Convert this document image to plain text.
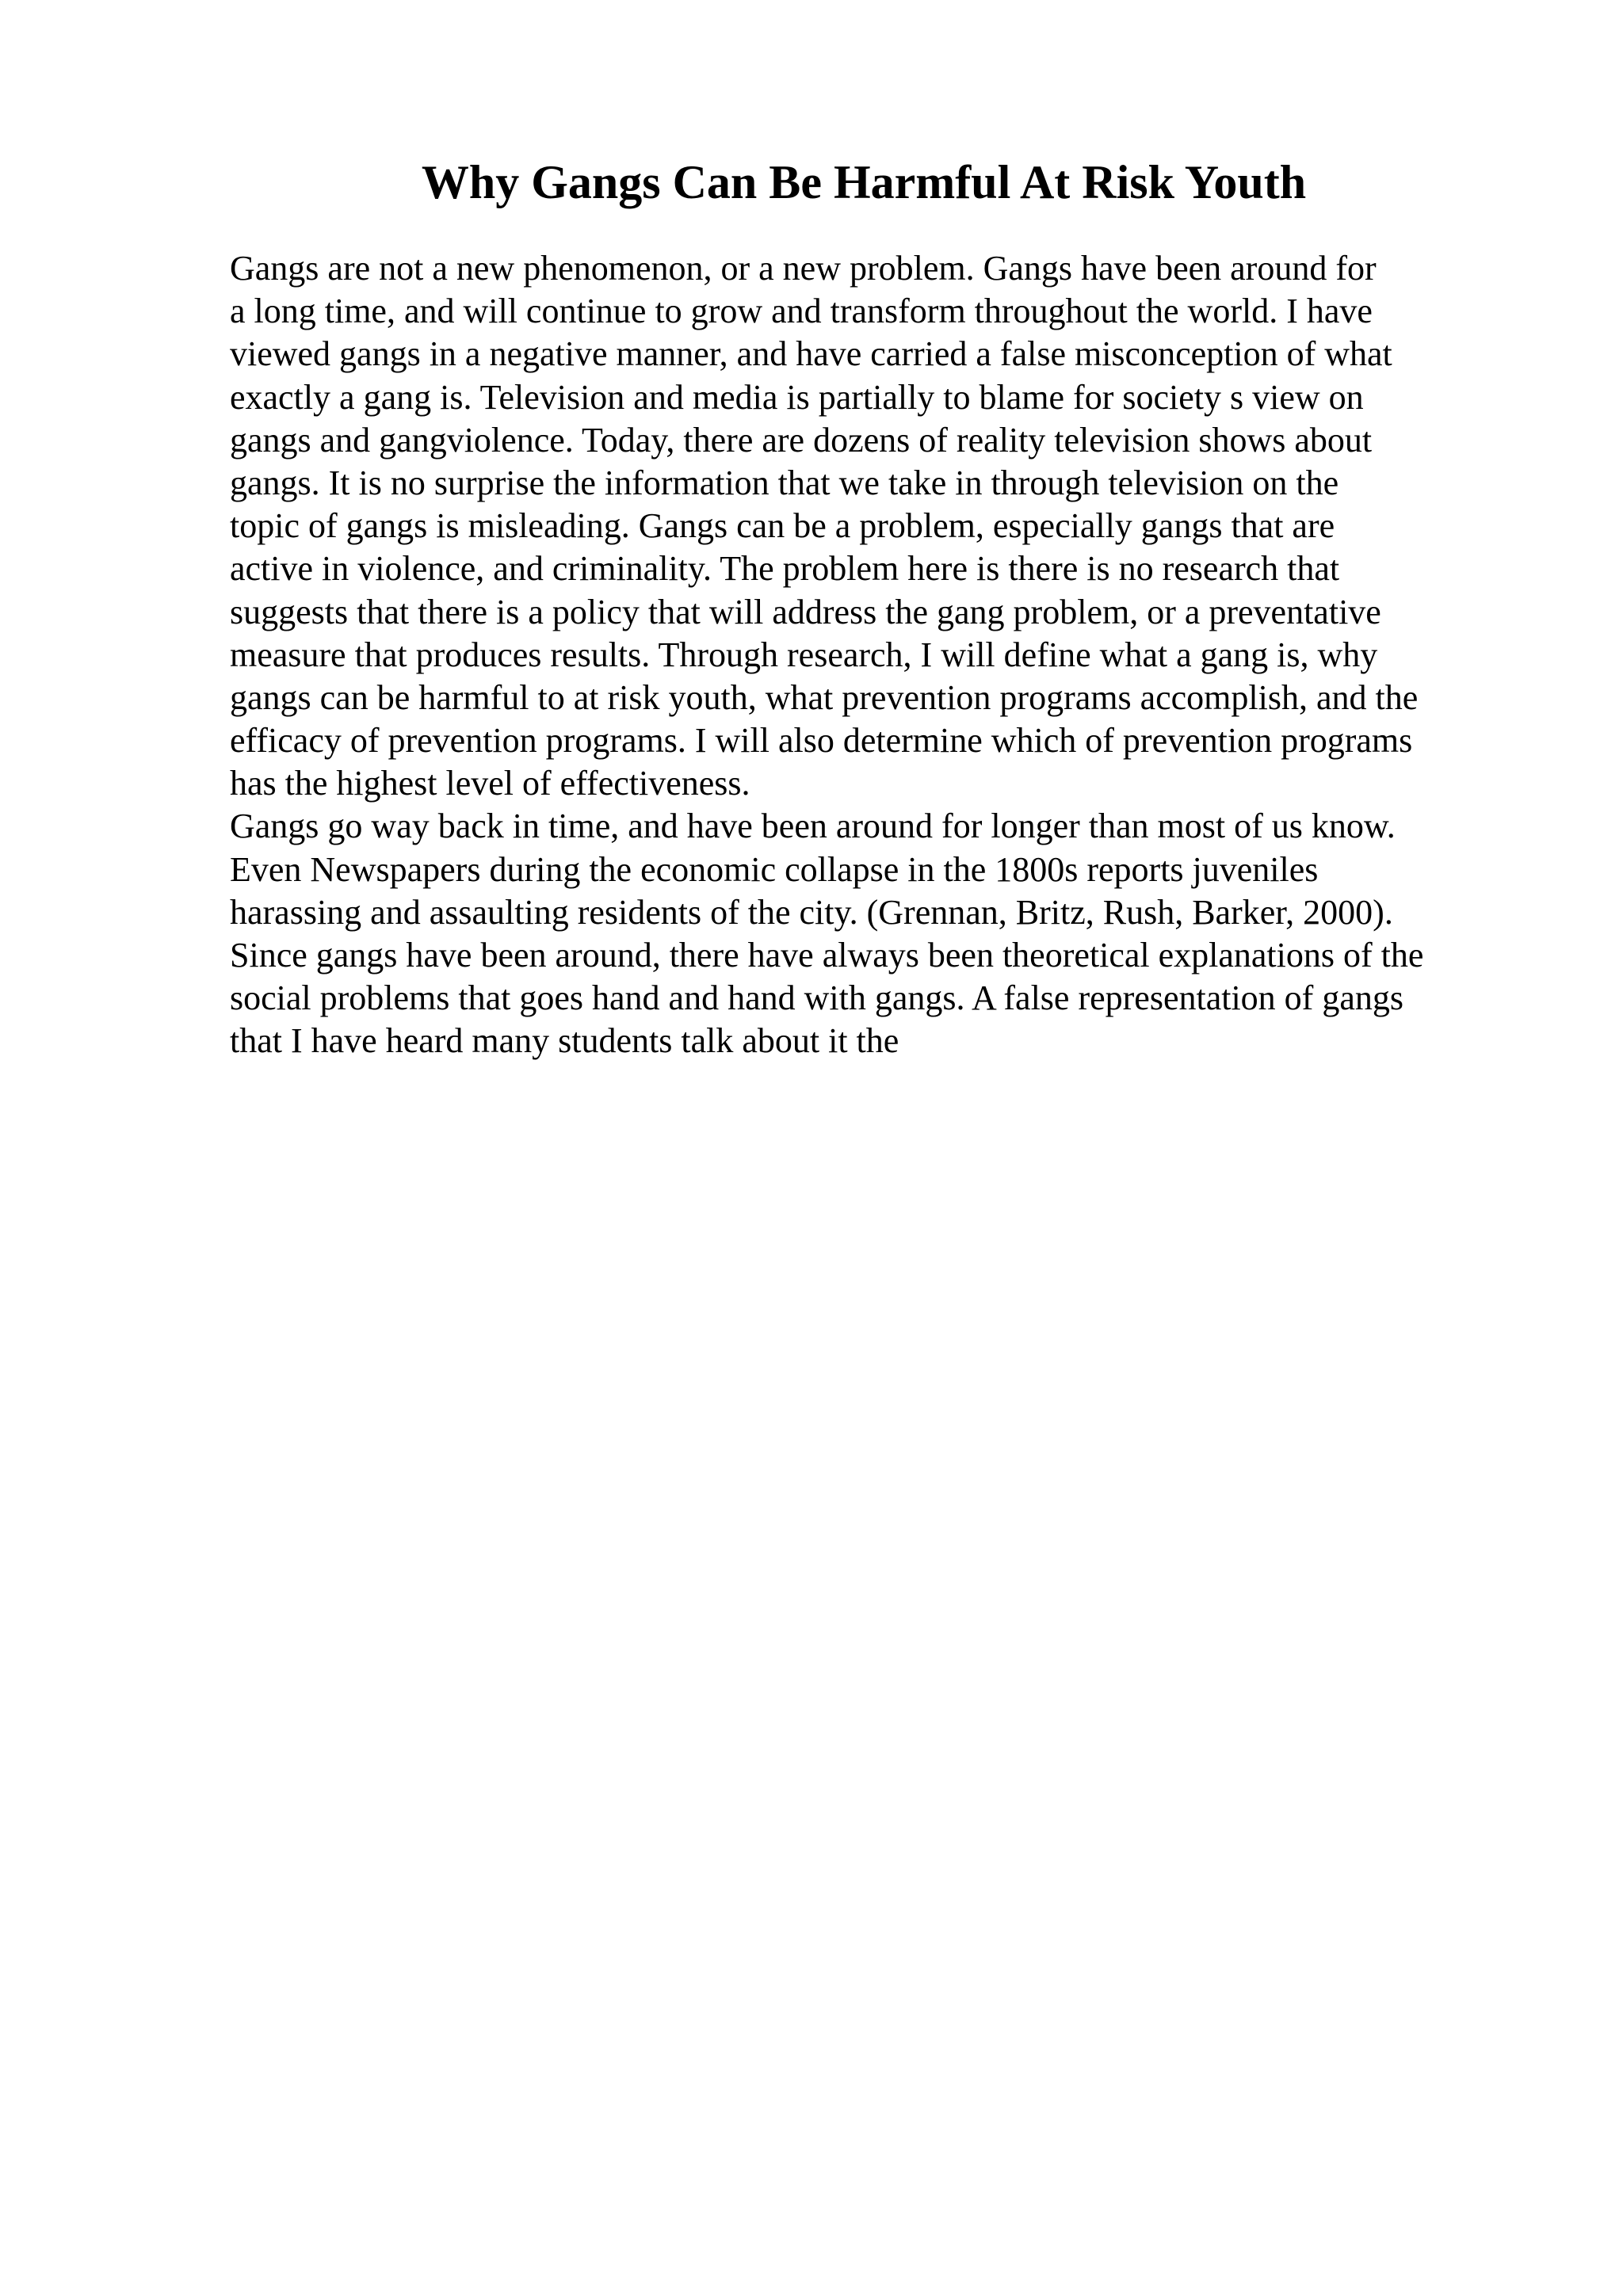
Why Gangs Can Be Harmful At Risk Youth
Gangs are not a new phenomenon, or a new problem. Gangs have been around for
a long time, and will continue to grow and transform throughout the world. I have
viewed gangs in a negative manner, and have carried a false misconception of what
exactly a gang is. Television and media is partially to blame for society s view on
gangs and gangviolence. Today, there are dozens of reality television shows about
gangs. It is no surprise the information that we take in through television on the
topic of gangs is misleading. Gangs can be a problem, especially gangs that are
active in violence, and criminality. The problem here is there is no research that
suggests that there is a policy that will address the gang problem, or a preventative
measure that produces results. Through research, I will define what a gang is, why
gangs can be harmful to at risk youth, what prevention programs accomplish, and the
efficacy of prevention programs. I will also determine which of prevention programs
has the highest level of effectiveness.
Gangs go way back in time, and have been around for longer than most of us know.
Even Newspapers during the economic collapse in the 1800s reports juveniles
harassing and assaulting residents of the city. (Grennan, Britz, Rush, Barker, 2000).
Since gangs have been around, there have always been theoretical explanations of the
social problems that goes hand and hand with gangs. A false representation of gangs
that I have heard many students talk about it the
